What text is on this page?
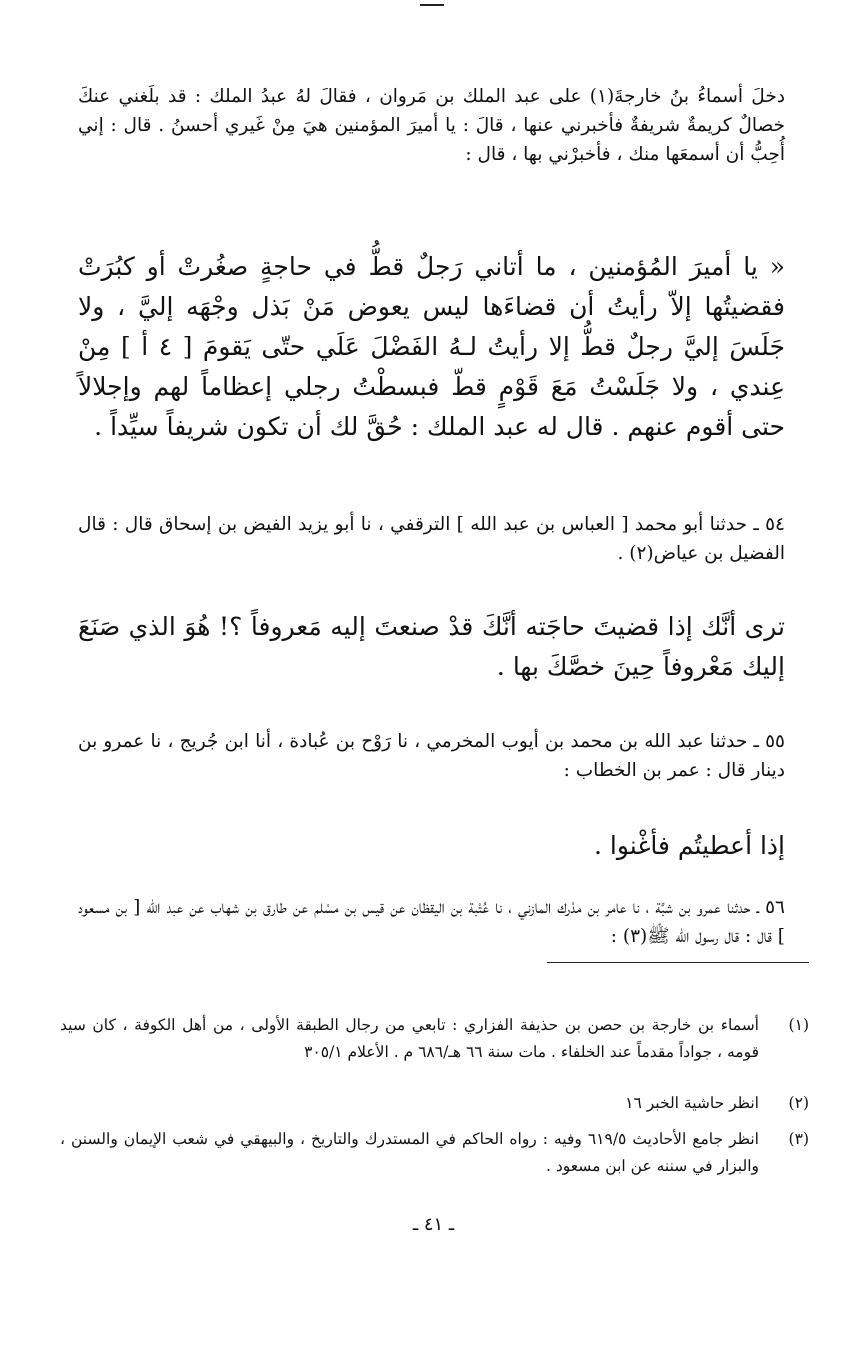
دخلَ أسماءُ بنُ خارجةَ(١) على عبد الملك بن مَروان ، فقالَ لهُ عبدُ الملك : قد بلَغني عنكَ خصالٌ كريمةٌ شريفةٌ فأخبرني عنها ، قالَ : يا أميرَ المؤمنين هيَ مِنْ غَيري أحسنُ . قال : إني أُحِبُّ أن أسمعَها منك ، فأخبرْني بها ، قال :

« يا أميرَ المُؤمنين ، ما أتاني رَجلٌ قطُّ في حاجةٍ صغُرتْ أو كبُرَتْ فقضيتُها إلاّ رأيتُ أن قضاءَها ليس يعوض مَنْ بَذل وجْهَه إليَّ ، ولا جَلَسَ إليَّ رجلٌ قطُّ إلا رأيتُ لـهُ الفَضْلَ عَلَي حتّى يَقومَ [ ٤ أ ] مِنْ عِندي ، ولا جَلَسْتُ مَعَ قَوْمٍ قطّ فبسطْتُ رجلي إعظاماً لهم وإجلالاً حتى أقوم عنهم . قال له عبد الملك : حُقَّ لك أن تكون شريفاً سيِّداً .

٥٤ ـ حدثنا أبو محمد [ العباس بن عبد الله ] الترقفي ، نا أبو يزيد الفيض بن إسحاق قال : قال الفضيل بن عياض(٢) .

ترى أنَّك إذا قضيتَ حاجَته أنَّكَ قدْ صنعتَ إليه مَعروفاً ؟! هُوَ الذي صَنَعَ إليك مَعْروفاً حِينَ خصَّكَ بها .

٥٥ ـ حدثنا عبد الله بن محمد بن أيوب المخرمي ، نا رَوْح بن عُبادة ، أنا ابن جُريج ، نا عمرو بن دينار قال : عمر بن الخطاب :

إذا أعطيتُم فأغْنوا .

٥٦ ـ حدثنا عمرو بن شبَّة ، نا عامر بن مدْرك المازني ، نا عُتْبة بن اليقظان عن قيس بن مسْلم عن طارق بن شهاب عن عبد الله [ بن مسعود ] قال : قال رسول الله ﷺ(٣) :

(١)
أسماء بن خارجة بن حصن بن حذيفة الفزاري : تابعي من رجال الطبقة الأولى ، من أهل الكوفة ، كان سيد قومه ، جواداً مقدماً عند الخلفاء . مات سنة ٦٦ هـ/٦٨٦ م . الأعلام ٣٠٥/١
(٢)
انظر حاشية الخبر ١٦
(٣)
انظر جامع الأحاديث ٦١٩/٥ وفيه : رواه الحاكم في المستدرك والتاريخ ، والبيهقي في شعب الإيمان والسنن ، والبزار في سننه عن ابن مسعود .
ـ ٤١ ـ
